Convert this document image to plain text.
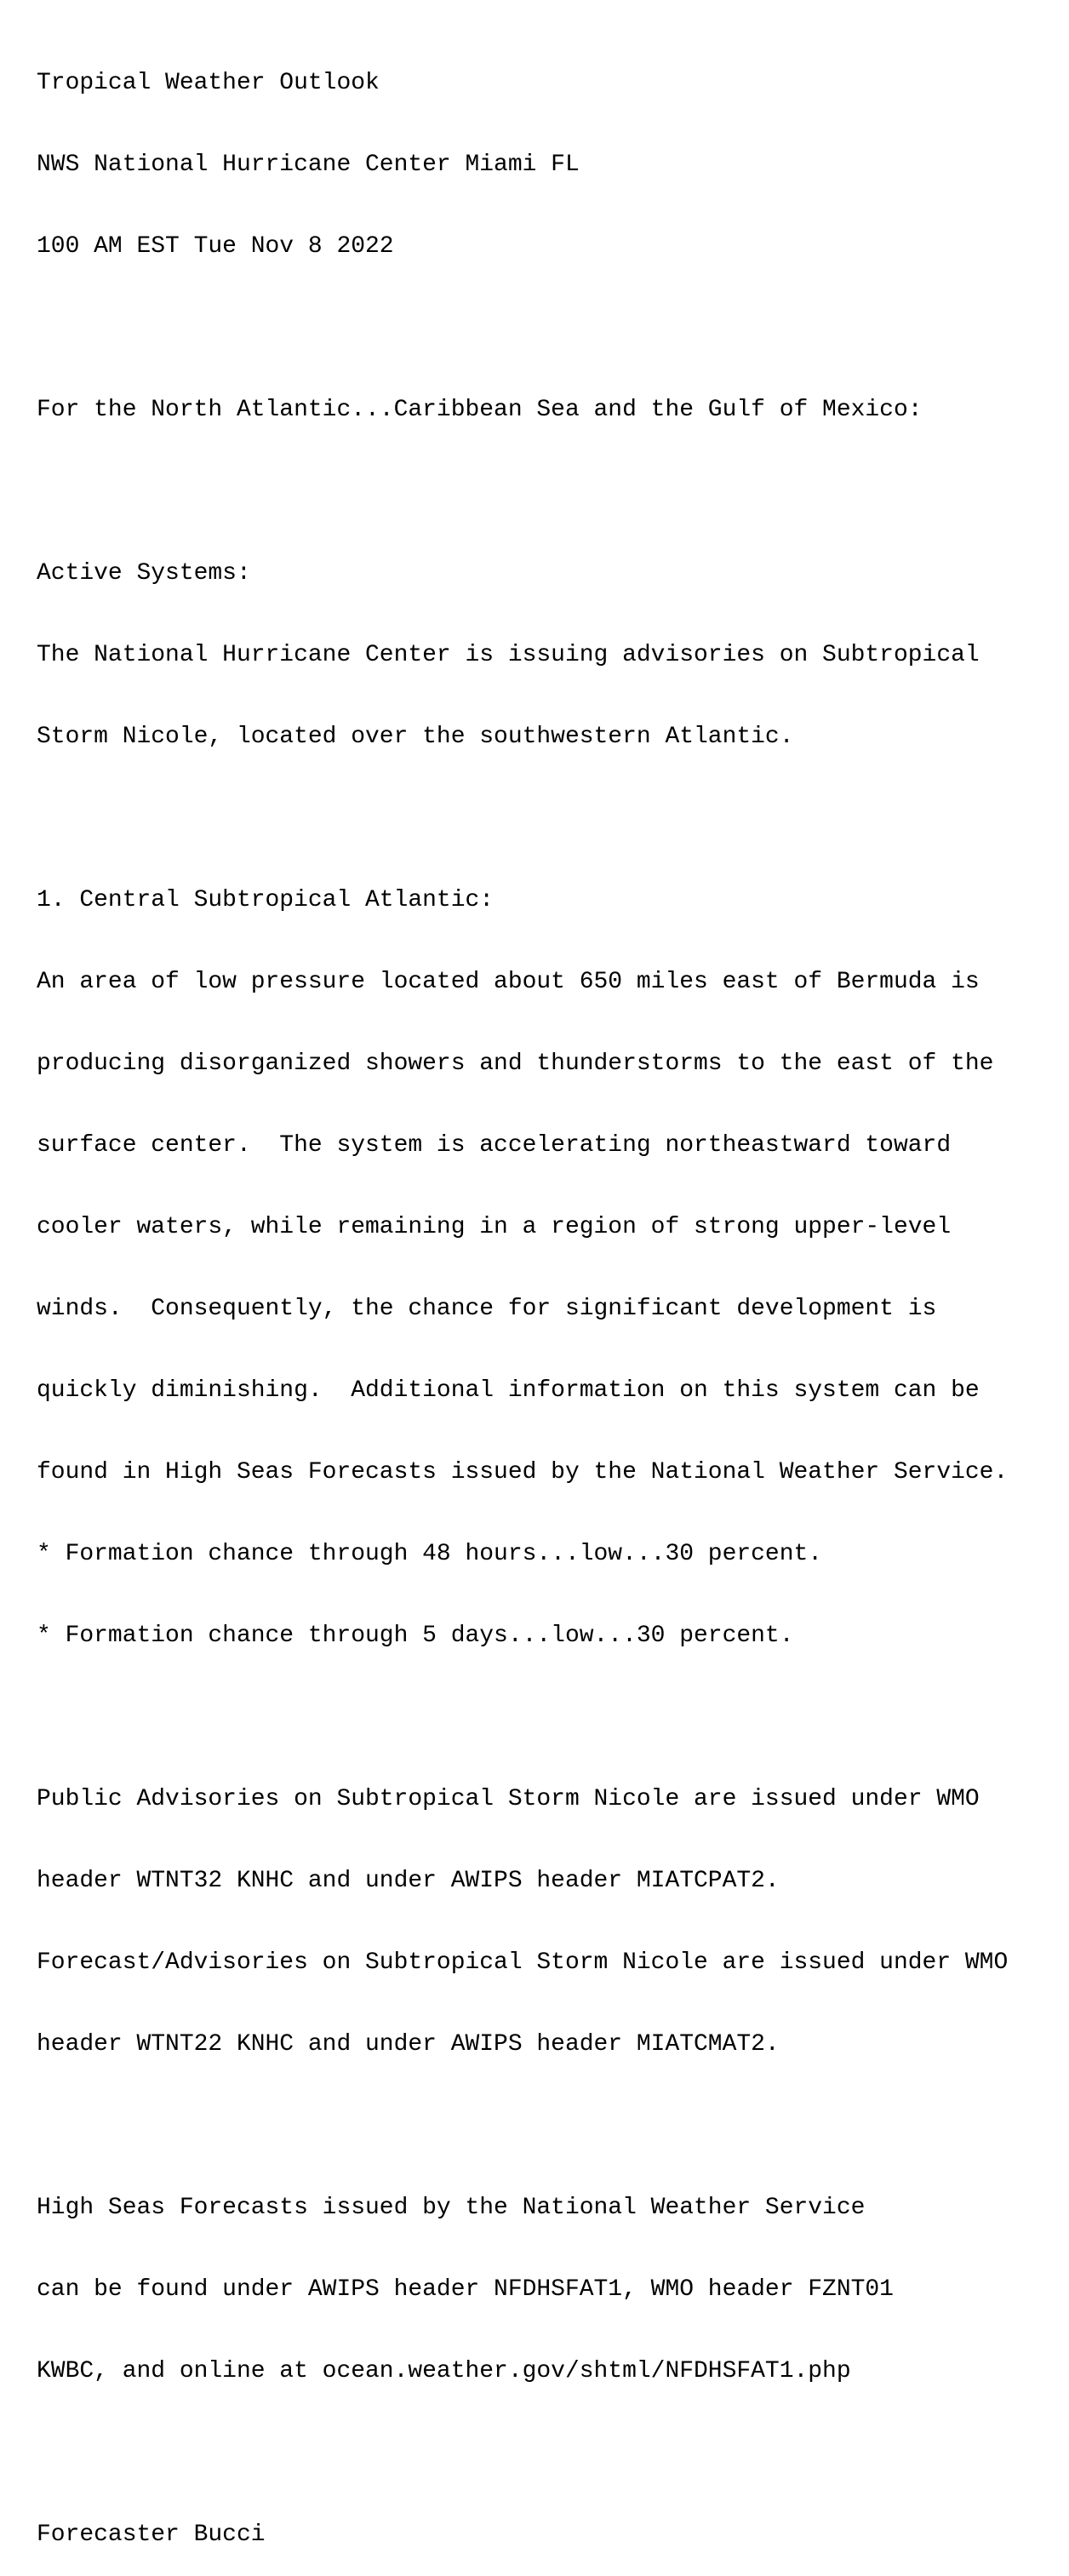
Tropical Weather Outlook

NWS National Hurricane Center Miami FL

100 AM EST Tue Nov 8 2022

For the North Atlantic...Caribbean Sea and the Gulf of Mexico:

Active Systems:

The National Hurricane Center is issuing advisories on Subtropical

Storm Nicole, located over the southwestern Atlantic.

1. Central Subtropical Atlantic:

An area of low pressure located about 650 miles east of Bermuda is

producing disorganized showers and thunderstorms to the east of the

surface center.  The system is accelerating northeastward toward

cooler waters, while remaining in a region of strong upper-level

winds.  Consequently, the chance for significant development is

quickly diminishing.  Additional information on this system can be

found in High Seas Forecasts issued by the National Weather Service.

* Formation chance through 48 hours...low...30 percent.

* Formation chance through 5 days...low...30 percent.

Public Advisories on Subtropical Storm Nicole are issued under WMO

header WTNT32 KNHC and under AWIPS header MIATCPAT2.

Forecast/Advisories on Subtropical Storm Nicole are issued under WMO

header WTNT22 KNHC and under AWIPS header MIATCMAT2.

High Seas Forecasts issued by the National Weather Service

can be found under AWIPS header NFDHSFAT1, WMO header FZNT01

KWBC, and online at ocean.weather.gov/shtml/NFDHSFAT1.php

Forecaster Bucci
